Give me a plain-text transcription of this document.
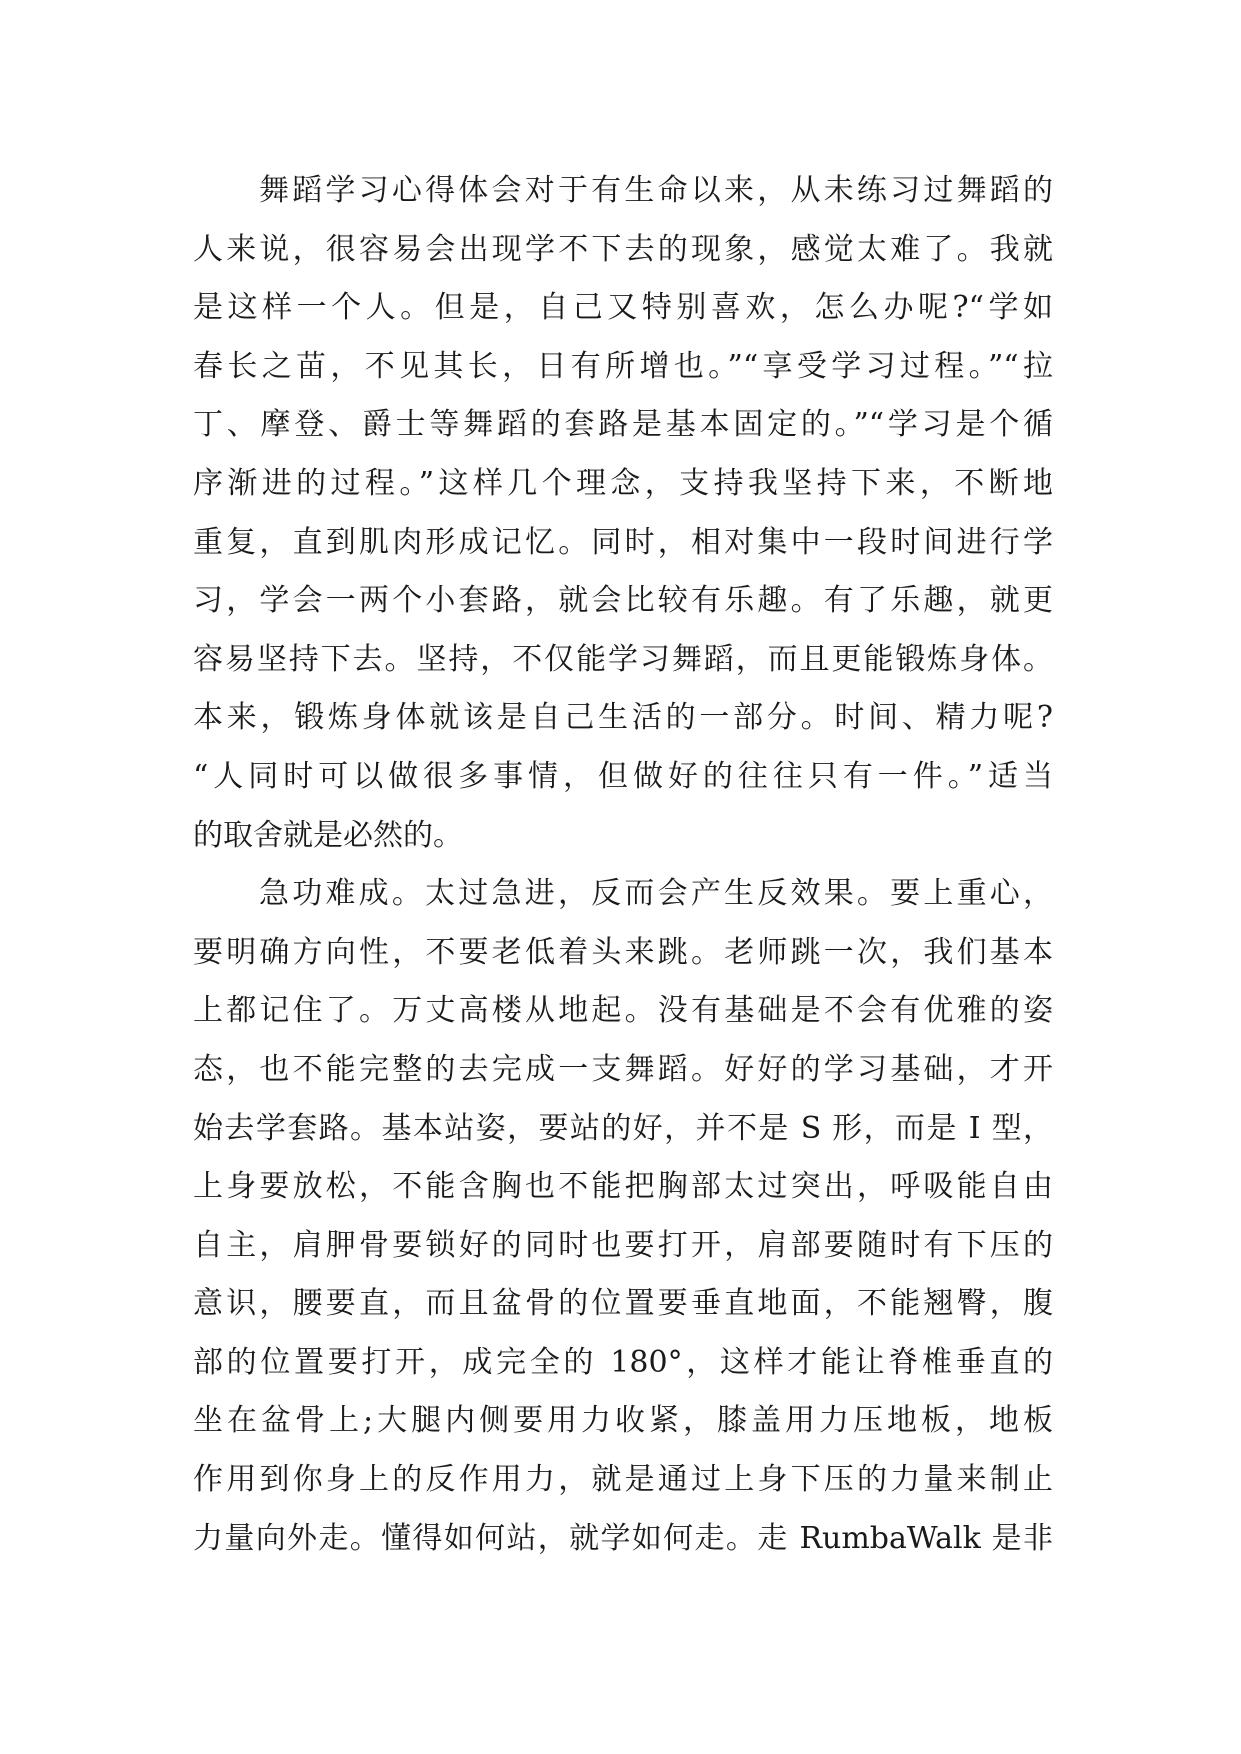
舞蹈学习心得体会对于有生命以来，从未练习过舞蹈的
人来说，很容易会出现学不下去的现象，感觉太难了。我就
是这样一个人。但是，自己又特别喜欢，怎么办呢?“学如
春长之苗，不见其长，日有所增也。”“享受学习过程。”“拉
丁、摩登、爵士等舞蹈的套路是基本固定的。”“学习是个循
序渐进的过程。”这样几个理念，支持我坚持下来，不断地
重复，直到肌肉形成记忆。同时，相对集中一段时间进行学
习，学会一两个小套路，就会比较有乐趣。有了乐趣，就更
容易坚持下去。坚持，不仅能学习舞蹈，而且更能锻炼身体。
本来，锻炼身体就该是自己生活的一部分。时间、精力呢?
“人同时可以做很多事情，但做好的往往只有一件。”适当
的取舍就是必然的。
急功难成。太过急进，反而会产生反效果。要上重心，
要明确方向性，不要老低着头来跳。老师跳一次，我们基本
上都记住了。万丈高楼从地起。没有基础是不会有优雅的姿
态，也不能完整的去完成一支舞蹈。好好的学习基础，才开
始去学套路。基本站姿，要站的好，并不是 S 形，而是 I 型，
上身要放松，不能含胸也不能把胸部太过突出，呼吸能自由
自主，肩胛骨要锁好的同时也要打开，肩部要随时有下压的
意识，腰要直，而且盆骨的位置要垂直地面，不能翘臀，腹
部的位置要打开，成完全的 180°，这样才能让脊椎垂直的
坐在盆骨上;大腿内侧要用力收紧，膝盖用力压地板，地板
作用到你身上的反作用力，就是通过上身下压的力量来制止
力量向外走。懂得如何站，就学如何走。走 RumbaWalk 是非
